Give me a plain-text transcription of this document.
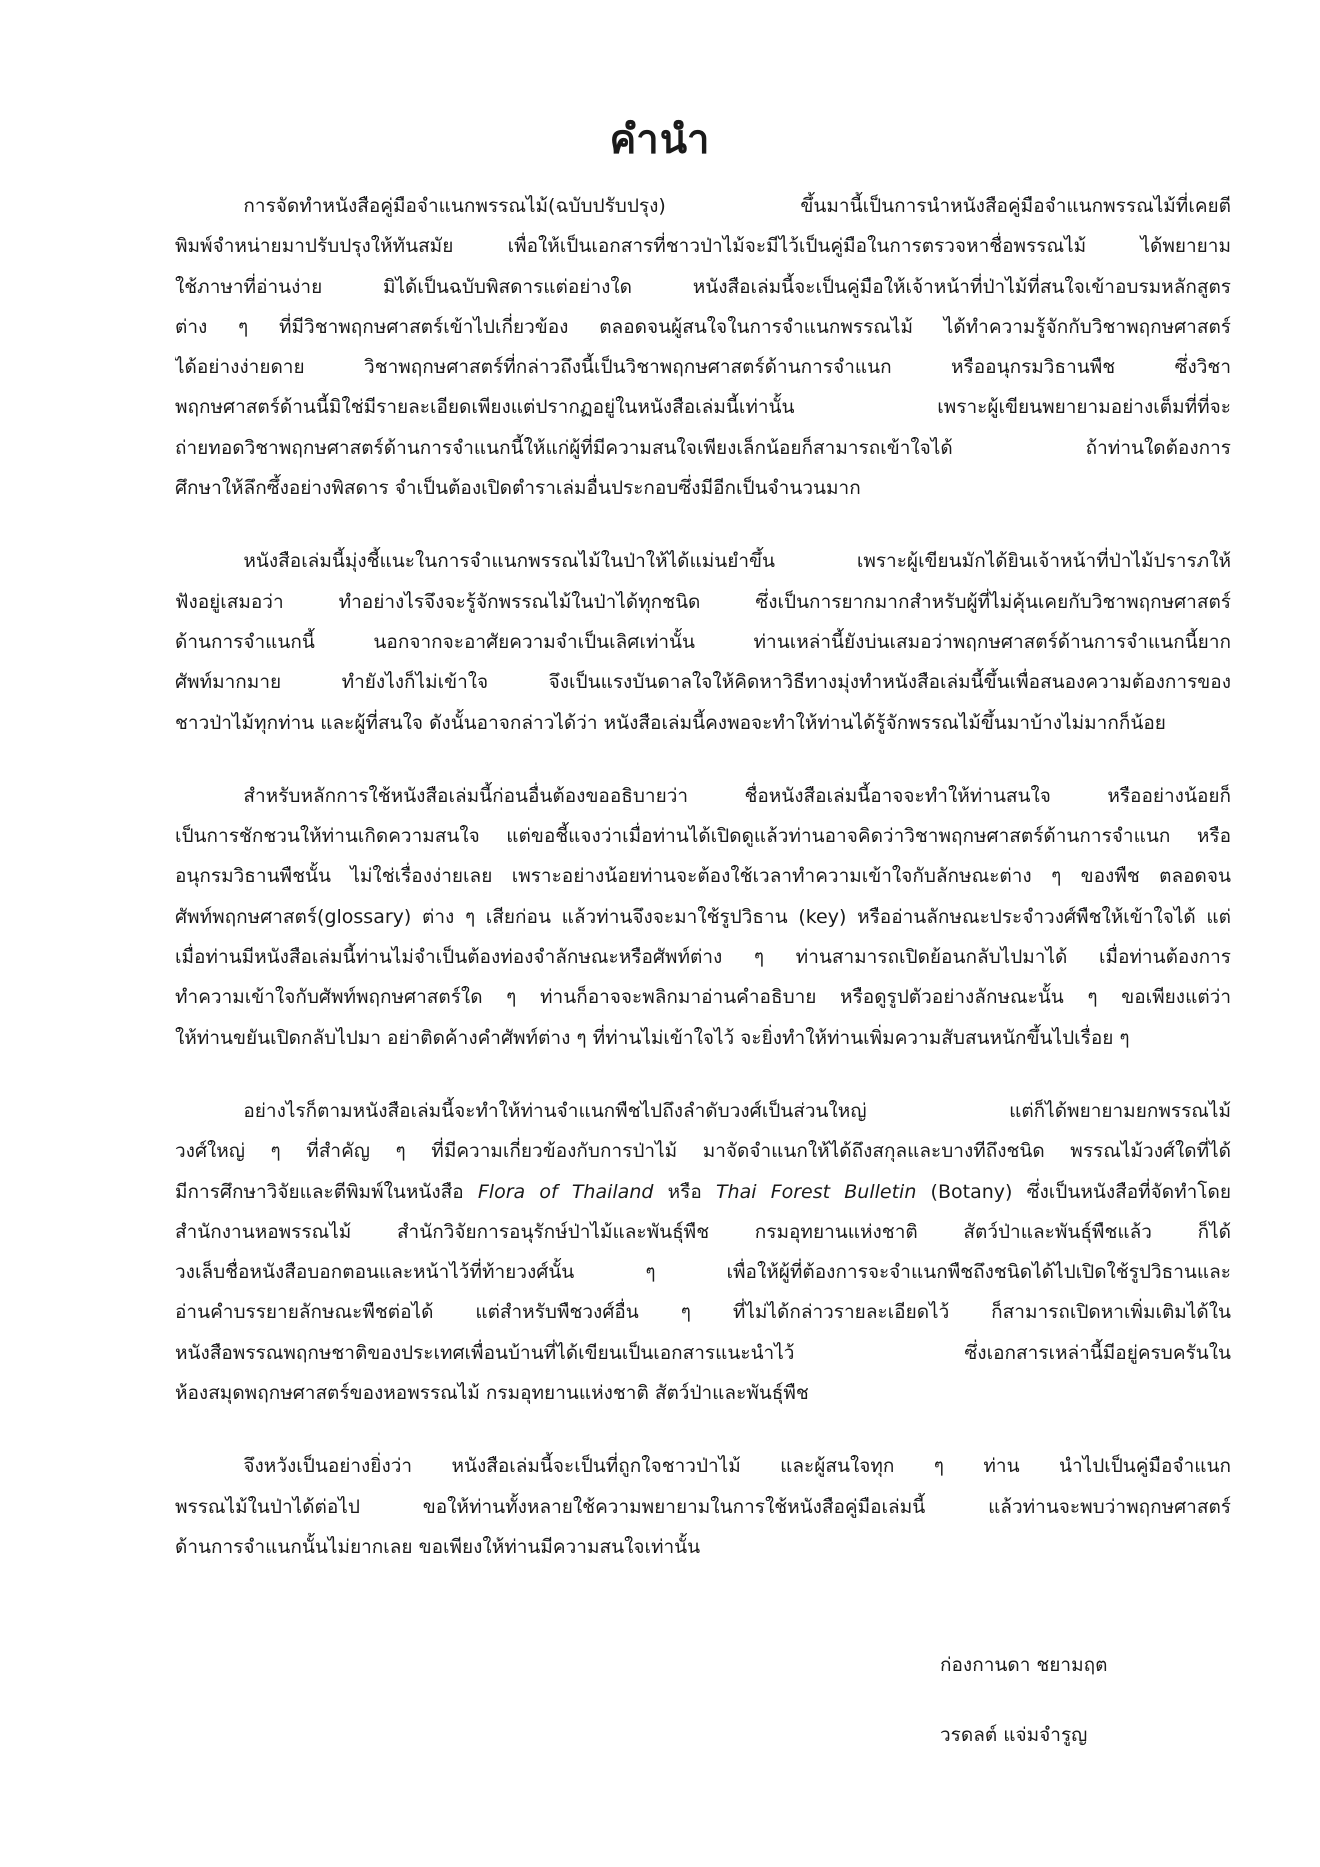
คำนำ

การจัดทำหนังสือคู่มือจำแนกพรรณไม้(ฉบับปรับปรุง) ขึ้นมานี้เป็นการนำหนังสือคู่มือจำแนกพรรณไม้ที่เคยตี
พิมพ์จำหน่ายมาปรับปรุงให้ทันสมัย เพื่อให้เป็นเอกสารที่ชาวป่าไม้จะมีไว้เป็นคู่มือในการตรวจหาชื่อพรรณไม้ ได้พยายาม
ใช้ภาษาที่อ่านง่าย มิได้เป็นฉบับพิสดารแต่อย่างใด หนังสือเล่มนี้จะเป็นคู่มือให้เจ้าหน้าที่ป่าไม้ที่สนใจเข้าอบรมหลักสูตร
ต่าง ๆ ที่มีวิชาพฤกษศาสตร์เข้าไปเกี่ยวข้อง ตลอดจนผู้สนใจในการจำแนกพรรณไม้ ได้ทำความรู้จักกับวิชาพฤกษศาสตร์
ได้อย่างง่ายดาย วิชาพฤกษศาสตร์ที่กล่าวถึงนี้เป็นวิชาพฤกษศาสตร์ด้านการจำแนก หรืออนุกรมวิธานพืช ซึ่งวิชา
พฤกษศาสตร์ด้านนี้มิใช่มีรายละเอียดเพียงแต่ปรากฏอยู่ในหนังสือเล่มนี้เท่านั้น เพราะผู้เขียนพยายามอย่างเต็มที่ที่จะ
ถ่ายทอดวิชาพฤกษศาสตร์ด้านการจำแนกนี้ให้แก่ผู้ที่มีความสนใจเพียงเล็กน้อยก็สามารถเข้าใจได้ ถ้าท่านใดต้องการ
ศึกษาให้ลึกซึ้งอย่างพิสดาร จำเป็นต้องเปิดตำราเล่มอื่นประกอบซึ่งมีอีกเป็นจำนวนมาก

หนังสือเล่มนี้มุ่งชี้แนะในการจำแนกพรรณไม้ในป่าให้ได้แม่นยำขึ้น เพราะผู้เขียนมักได้ยินเจ้าหน้าที่ป่าไม้ปรารภให้
ฟังอยู่เสมอว่า ทำอย่างไรจึงจะรู้จักพรรณไม้ในป่าได้ทุกชนิด ซึ่งเป็นการยากมากสำหรับผู้ที่ไม่คุ้นเคยกับวิชาพฤกษศาสตร์
ด้านการจำแนกนี้ นอกจากจะอาศัยความจำเป็นเลิศเท่านั้น ท่านเหล่านี้ยังบ่นเสมอว่าพฤกษศาสตร์ด้านการจำแนกนี้ยาก
ศัพท์มากมาย ทำยังไงก็ไม่เข้าใจ จึงเป็นแรงบันดาลใจให้คิดหาวิธีทางมุ่งทำหนังสือเล่มนี้ขึ้นเพื่อสนองความต้องการของ
ชาวป่าไม้ทุกท่าน และผู้ที่สนใจ ดังนั้นอาจกล่าวได้ว่า หนังสือเล่มนี้คงพอจะทำให้ท่านได้รู้จักพรรณไม้ขึ้นมาบ้างไม่มากก็น้อย

สำหรับหลักการใช้หนังสือเล่มนี้ก่อนอื่นต้องขออธิบายว่า ชื่อหนังสือเล่มนี้อาจจะทำให้ท่านสนใจ หรืออย่างน้อยก็
เป็นการชักชวนให้ท่านเกิดความสนใจ แต่ขอชี้แจงว่าเมื่อท่านได้เปิดดูแล้วท่านอาจคิดว่าวิชาพฤกษศาสตร์ด้านการจำแนก หรือ
อนุกรมวิธานพืชนั้น ไม่ใช่เรื่องง่ายเลย เพราะอย่างน้อยท่านจะต้องใช้เวลาทำความเข้าใจกับลักษณะต่าง ๆ ของพืช ตลอดจน
ศัพท์พฤกษศาสตร์(glossary) ต่าง ๆ เสียก่อน แล้วท่านจึงจะมาใช้รูปวิธาน (key) หรืออ่านลักษณะประจำวงศ์พืชให้เข้าใจได้ แต่
เมื่อท่านมีหนังสือเล่มนี้ท่านไม่จำเป็นต้องท่องจำลักษณะหรือศัพท์ต่าง ๆ ท่านสามารถเปิดย้อนกลับไปมาได้ เมื่อท่านต้องการ
ทำความเข้าใจกับศัพท์พฤกษศาสตร์ใด ๆ ท่านก็อาจจะพลิกมาอ่านคำอธิบาย หรือดูรูปตัวอย่างลักษณะนั้น ๆ ขอเพียงแต่ว่า
ให้ท่านขยันเปิดกลับไปมา อย่าติดค้างคำศัพท์ต่าง ๆ ที่ท่านไม่เข้าใจไว้ จะยิ่งทำให้ท่านเพิ่มความสับสนหนักขึ้นไปเรื่อย ๆ

อย่างไรก็ตามหนังสือเล่มนี้จะทำให้ท่านจำแนกพืชไปถึงลำดับวงศ์เป็นส่วนใหญ่ แต่ก็ได้พยายามยกพรรณไม้
วงศ์ใหญ่ ๆ ที่สำคัญ ๆ ที่มีความเกี่ยวข้องกับการป่าไม้ มาจัดจำแนกให้ได้ถึงสกุลและบางทีถึงชนิด พรรณไม้วงศ์ใดที่ได้
มีการศึกษาวิจัยและตีพิมพ์ในหนังสือ Flora of Thailand หรือ Thai Forest Bulletin (Botany) ซึ่งเป็นหนังสือที่จัดทำโดย
สำนักงานหอพรรณไม้ สำนักวิจัยการอนุรักษ์ป่าไม้และพันธุ์พืช กรมอุทยานแห่งชาติ สัตว์ป่าและพันธุ์พืชแล้ว ก็ได้
วงเล็บชื่อหนังสือบอกตอนและหน้าไว้ที่ท้ายวงศ์นั้น ๆ เพื่อให้ผู้ที่ต้องการจะจำแนกพืชถึงชนิดได้ไปเปิดใช้รูปวิธานและ
อ่านคำบรรยายลักษณะพืชต่อได้ แต่สำหรับพืชวงศ์อื่น ๆ ที่ไม่ได้กล่าวรายละเอียดไว้ ก็สามารถเปิดหาเพิ่มเติมได้ใน
หนังสือพรรณพฤกษชาติของประเทศเพื่อนบ้านที่ได้เขียนเป็นเอกสารแนะนำไว้ ซึ่งเอกสารเหล่านี้มีอยู่ครบครันใน
ห้องสมุดพฤกษศาสตร์ของหอพรรณไม้ กรมอุทยานแห่งชาติ สัตว์ป่าและพันธุ์พืช

จึงหวังเป็นอย่างยิ่งว่า หนังสือเล่มนี้จะเป็นที่ถูกใจชาวป่าไม้ และผู้สนใจทุก ๆ ท่าน นำไปเป็นคู่มือจำแนก
พรรณไม้ในป่าได้ต่อไป ขอให้ท่านทั้งหลายใช้ความพยายามในการใช้หนังสือคู่มือเล่มนี้ แล้วท่านจะพบว่าพฤกษศาสตร์
ด้านการจำแนกนั้นไม่ยากเลย ขอเพียงให้ท่านมีความสนใจเท่านั้น

ก่องกานดา ชยามฤต
วรดลต์ แจ่มจำรูญ
